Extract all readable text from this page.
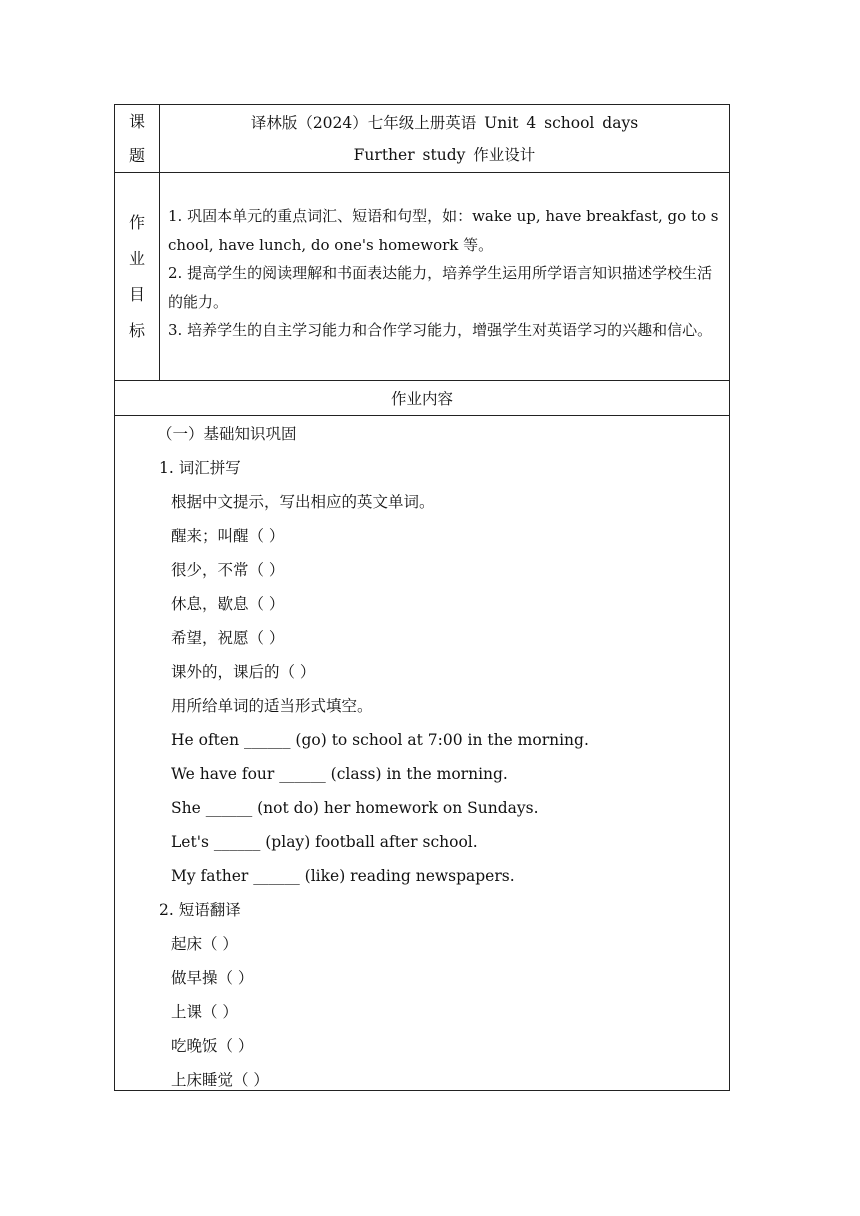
课
题
译林版（2024）七年级上册英语 Unit 4 school days
Further study 作业设计
作
业
目
标

1. 巩固本单元的重点词汇、短语和句型，如：wake up, have breakfast, go to school, have lunch, do one's homework 等。

2. 提高学生的阅读理解和书面表达能力，培养学生运用所学语言知识描述学校生活的能力。

3. 培养学生的自主学习能力和合作学习能力，增强学生对英语学习的兴趣和信心。

作业内容
（一）基础知识巩固
1. 词汇拼写
根据中文提示，写出相应的英文单词。
醒来；叫醒（ ）
很少，不常（ ）
休息，歇息（ ）
希望，祝愿（ ）
课外的，课后的（ ）
用所给单词的适当形式填空。
He often ______ (go) to school at 7:00 in the morning.
We have four ______ (class) in the morning.
She ______ (not do) her homework on Sundays.
Let's ______ (play) football after school.
My father ______ (like) reading newspapers.
2. 短语翻译
起床（ ）
做早操（ ）
上课（ ）
吃晚饭（ ）
上床睡觉（ ）
